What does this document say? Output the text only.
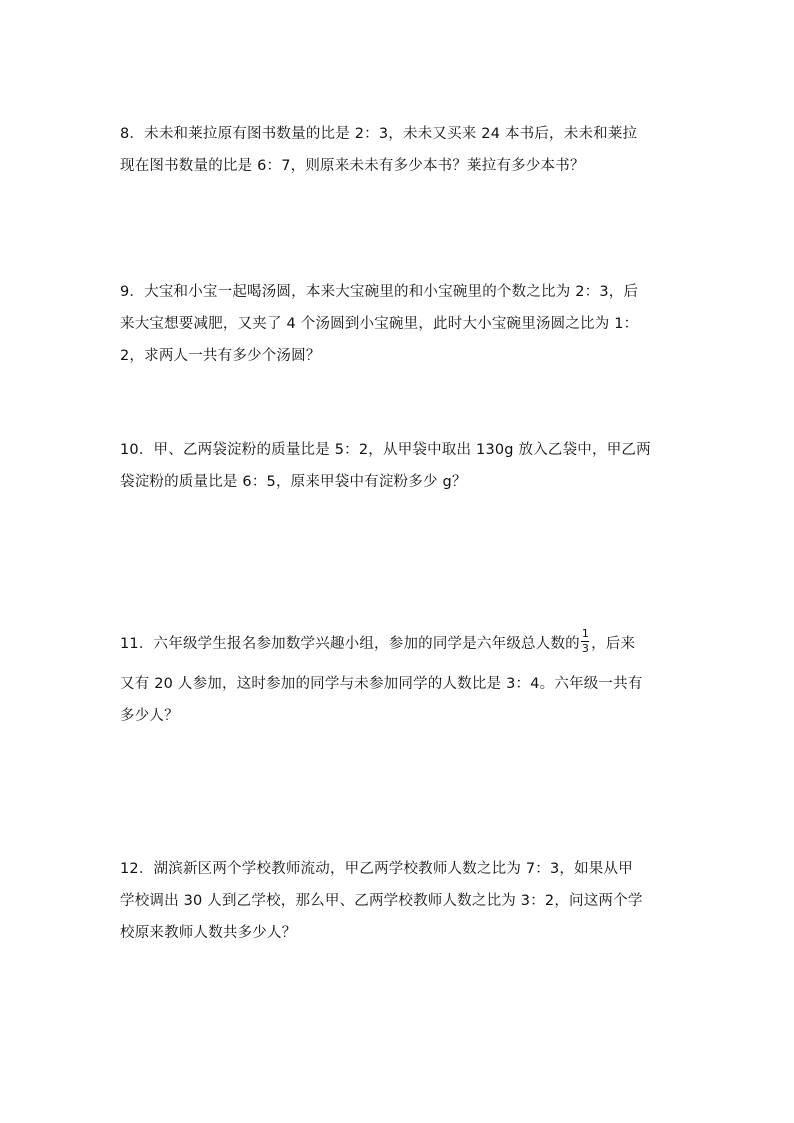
8．未未和莱拉原有图书数量的比是 2：3，未未又买来 24 本书后，未未和莱拉
现在图书数量的比是 6：7，则原来未未有多少本书？莱拉有多少本书？
9．大宝和小宝一起喝汤圆，本来大宝碗里的和小宝碗里的个数之比为 2：3，后
来大宝想要减肥，又夹了 4 个汤圆到小宝碗里，此时大小宝碗里汤圆之比为 1：
2，求两人一共有多少个汤圆？
10．甲、乙两袋淀粉的质量比是 5：2，从甲袋中取出 130g 放入乙袋中，甲乙两
袋淀粉的质量比是 6：5，原来甲袋中有淀粉多少 g？
11．六年级学生报名参加数学兴趣小组，参加的同学是六年级总人数的 $\frac{1}{3}$ ，后来
又有 20 人参加，这时参加的同学与未参加同学的人数比是 3：4。六年级一共有
多少人？
12．湖滨新区两个学校教师流动，甲乙两学校教师人数之比为 7：3，如果从甲
学校调出 30 人到乙学校，那么甲、乙两学校教师人数之比为 3：2，问这两个学
校原来教师人数共多少人？
